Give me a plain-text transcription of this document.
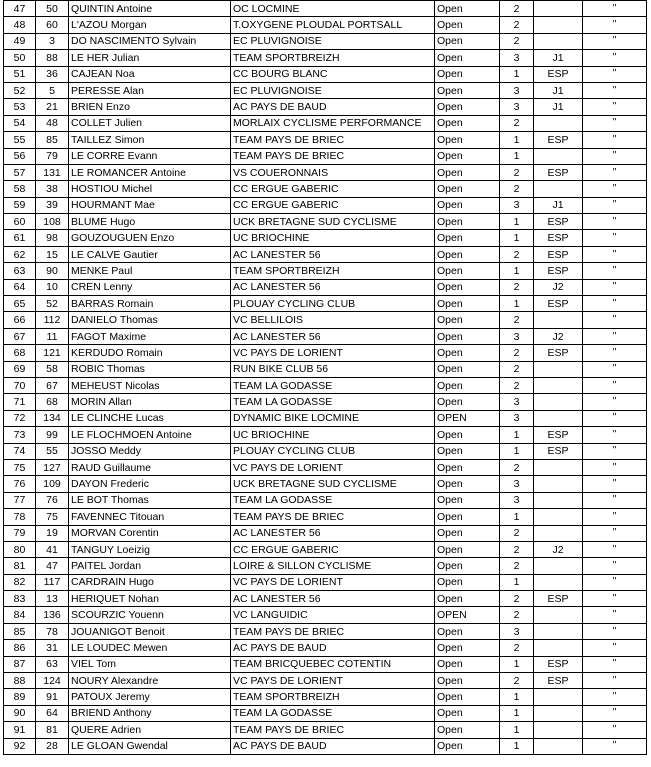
47	50	QUINTIN Antoine	OC LOCMINE	Open	2		"
48	60	L'AZOU Morgan	T.OXYGENE PLOUDAL PORTSALL	Open	2		"
49	3	DO NASCIMENTO Sylvain	EC PLUVIGNOISE	Open	2		"
50	88	LE HER Julian	TEAM SPORTBREIZH	Open	3	J1	"
51	36	CAJEAN Noa	CC BOURG BLANC	Open	1	ESP	"
52	5	PERESSE Alan	EC PLUVIGNOISE	Open	3	J1	"
53	21	BRIEN Enzo	AC PAYS DE BAUD	Open	3	J1	"
54	48	COLLET Julien	MORLAIX CYCLISME PERFORMANCE	Open	2		"
55	85	TAILLEZ Simon	TEAM PAYS DE BRIEC	Open	1	ESP	"
56	79	LE CORRE Evann	TEAM PAYS DE BRIEC	Open	1		"
57	131	LE ROMANCER Antoine	VS COUERONNAIS	Open	2	ESP	"
58	38	HOSTIOU Michel	CC ERGUE GABERIC	Open	2		"
59	39	HOURMANT Mae	CC ERGUE GABERIC	Open	3	J1	"
60	108	BLUME Hugo	UCK BRETAGNE SUD CYCLISME	Open	1	ESP	"
61	98	GOUZOUGUEN Enzo	UC BRIOCHINE	Open	1	ESP	"
62	15	LE CALVE Gautier	AC LANESTER 56	Open	2	ESP	"
63	90	MENKE Paul	TEAM SPORTBREIZH	Open	1	ESP	"
64	10	CREN Lenny	AC LANESTER 56	Open	2	J2	"
65	52	BARRAS Romain	PLOUAY CYCLING CLUB	Open	1	ESP	"
66	112	DANIELO Thomas	VC BELLILOIS	Open	2		"
67	11	FAGOT Maxime	AC LANESTER 56	Open	3	J2	"
68	121	KERDUDO Romain	VC PAYS DE LORIENT	Open	2	ESP	"
69	58	ROBIC Thomas	RUN BIKE CLUB 56	Open	2		"
70	67	MEHEUST Nicolas	TEAM LA GODASSE	Open	2		"
71	68	MORIN Allan	TEAM LA GODASSE	Open	3		"
72	134	LE CLINCHE Lucas	DYNAMIC BIKE LOCMINE	OPEN	3		"
73	99	LE FLOCHMOEN Antoine	UC BRIOCHINE	Open	1	ESP	"
74	55	JOSSO Meddy	PLOUAY CYCLING CLUB	Open	1	ESP	"
75	127	RAUD Guillaume	VC PAYS DE LORIENT	Open	2		"
76	109	DAYON Frederic	UCK BRETAGNE SUD CYCLISME	Open	3		"
77	76	LE BOT Thomas	TEAM LA GODASSE	Open	3		"
78	75	FAVENNEC Titouan	TEAM PAYS DE BRIEC	Open	1		"
79	19	MORVAN Corentin	AC LANESTER 56	Open	2		"
80	41	TANGUY Loeizig	CC ERGUE GABERIC	Open	2	J2	"
81	47	PAITEL Jordan	LOIRE & SILLON CYCLISME	Open	2		"
82	117	CARDRAIN Hugo	VC PAYS DE LORIENT	Open	1		"
83	13	HERIQUET Nohan	AC LANESTER 56	Open	2	ESP	"
84	136	SCOURZIC Youenn	VC LANGUIDIC	OPEN	2		"
85	78	JOUANIGOT Benoit	TEAM PAYS DE BRIEC	Open	3		"
86	31	LE LOUDEC Mewen	AC PAYS DE BAUD	Open	2		"
87	63	VIEL Tom	TEAM BRICQUEBEC COTENTIN	Open	1	ESP	"
88	124	NOURY Alexandre	VC PAYS DE LORIENT	Open	2	ESP	"
89	91	PATOUX Jeremy	TEAM SPORTBREIZH	Open	1		"
90	64	BRIEND Anthony	TEAM LA GODASSE	Open	1		"
91	81	QUERE Adrien	TEAM PAYS DE BRIEC	Open	1		"
92	28	LE GLOAN Gwendal	AC PAYS DE BAUD	Open	1		"
